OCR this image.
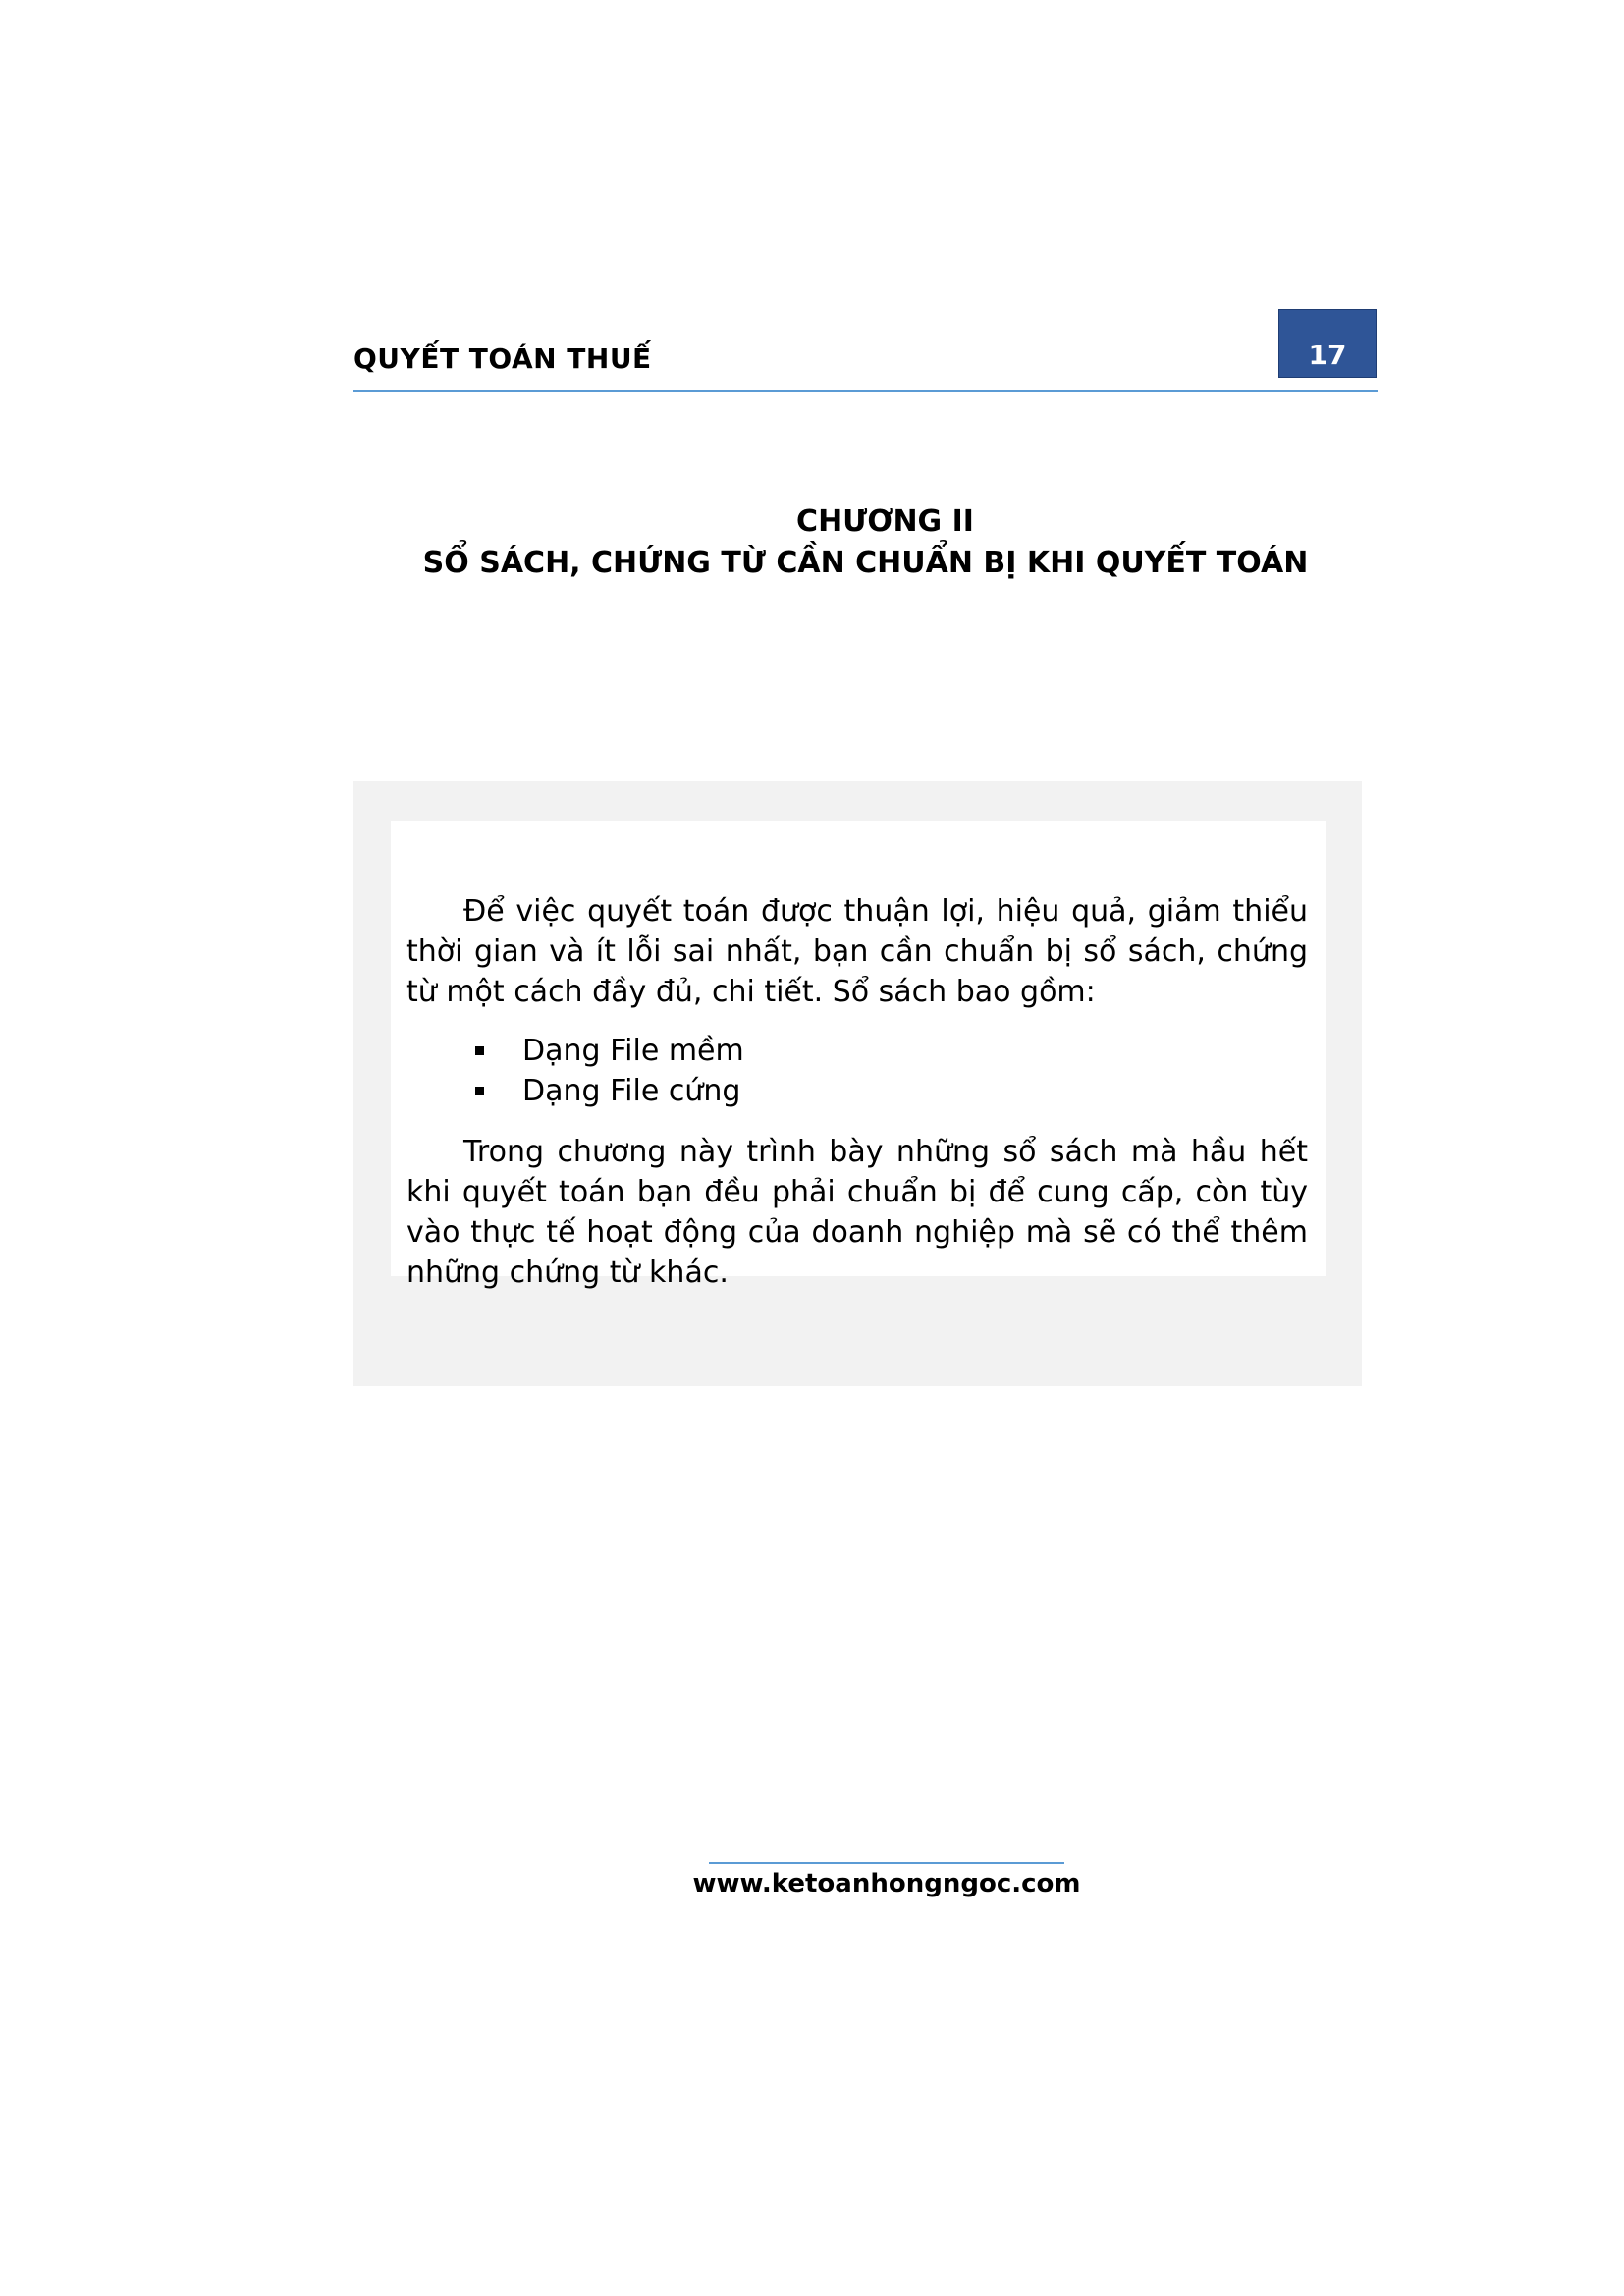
QUYẾT TOÁN THUẾ	17
CHƯƠNG II
SỔ SÁCH, CHỨNG TỪ CẦN CHUẨN BỊ KHI QUYẾT TOÁN

Để việc quyết toán được thuận lợi, hiệu quả, giảm thiểu thời gian và ít lỗi sai nhất, bạn cần chuẩn bị sổ sách, chứng từ một cách đầy đủ, chi tiết. Sổ sách bao gồm:

Dạng File mềm
Dạng File cứng

Trong chương này trình bày những sổ sách mà hầu hết khi quyết toán bạn đều phải chuẩn bị để cung cấp, còn tùy vào thực tế hoạt động của doanh nghiệp mà sẽ có thể thêm những chứng từ khác.

www.ketoanhongngoc.com
